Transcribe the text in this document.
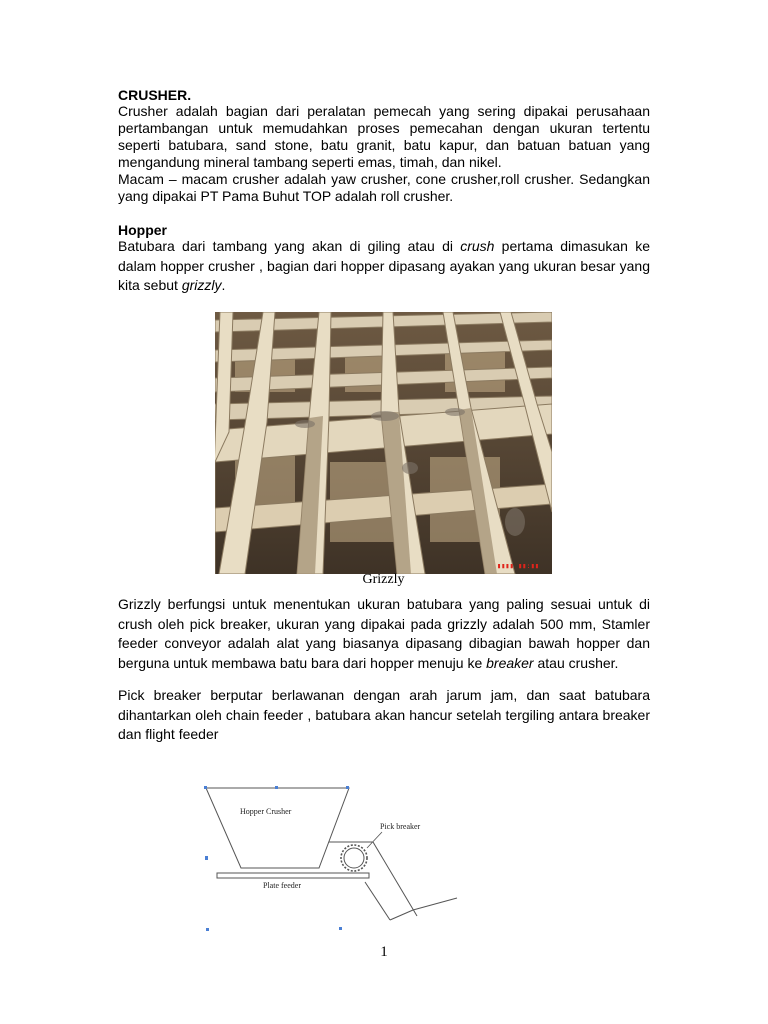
CRUSHER.

Crusher adalah bagian dari peralatan pemecah yang sering dipakai perusahaan pertambangan untuk memudahkan proses pemecahan dengan ukuran tertentu seperti batubara, sand stone, batu granit, batu kapur, dan batuan batuan yang mengandung mineral tambang seperti emas, timah, dan nikel.

Macam – macam crusher adalah yaw crusher, cone crusher,roll crusher. Sedangkan yang dipakai PT Pama Buhut TOP adalah roll crusher.

Hopper

Batubara dari tambang yang akan di giling atau di crush pertama dimasukan ke dalam hopper crusher , bagian dari hopper dipasang ayakan yang ukuran besar yang kita sebut grizzly.

▮▮▮▮ ▮▮:▮▮
Grizzly

Grizzly berfungsi untuk menentukan ukuran batubara yang paling sesuai untuk di crush oleh pick breaker, ukuran yang dipakai pada grizzly adalah 500 mm, Stamler feeder conveyor adalah alat yang biasanya dipasang dibagian bawah hopper dan berguna untuk membawa batu bara dari hopper menuju ke breaker atau crusher.

Pick breaker berputar berlawanan dengan arah jarum jam, dan saat batubara dihantarkan oleh chain feeder , batubara akan hancur setelah tergiling antara breaker dan flight feeder

Hopper Crusher
Pick breaker
Plate feeder
1
